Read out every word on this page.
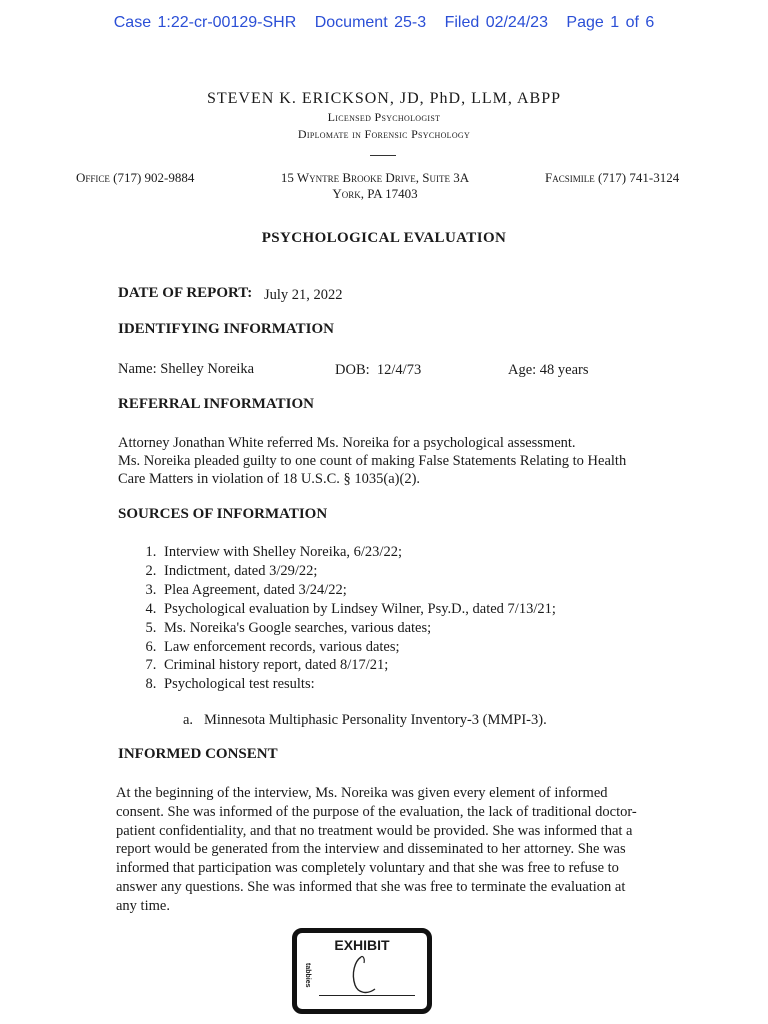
Case 1:22-cr-00129-SHR Document 25-3 Filed 02/24/23 Page 1 of 6
STEVEN K. ERICKSON, JD, PhD, LLM, ABPP
Licensed Psychologist
Diplomate in Forensic Psychology
Office (717) 902-9884	15 Wyntre Brooke Drive, Suite 3A
York, PA 17403
Facsimile (717) 741-3124
PSYCHOLOGICAL EVALUATION
DATE OF REPORT: July 21, 2022
IDENTIFYING INFORMATION
Name: Shelley Noreika	DOB:  12/4/73	Age: 48 years
REFERRAL INFORMATION
Attorney Jonathan White referred Ms. Noreika for a psychological assessment.
Ms. Noreika pleaded guilty to one count of making False Statements Relating to Health
Care Matters in violation of 18 U.S.C. § 1035(a)(2).
SOURCES OF INFORMATION
1. Interview with Shelley Noreika, 6/23/22;
2. Indictment, dated 3/29/22;
3. Plea Agreement, dated 3/24/22;
4. Psychological evaluation by Lindsey Wilner, Psy.D., dated 7/13/21;
5. Ms. Noreika's Google searches, various dates;
6. Law enforcement records, various dates;
7. Criminal history report, dated 8/17/21;
8. Psychological test results:
a. Minnesota Multiphasic Personality Inventory-3 (MMPI-3).
INFORMED CONSENT
At the beginning of the interview, Ms. Noreika was given every element of informed
consent. She was informed of the purpose of the evaluation, the lack of traditional doctor-
patient confidentiality, and that no treatment would be provided. She was informed that a
report would be generated from the interview and disseminated to her attorney. She was
informed that participation was completely voluntary and that she was free to refuse to
answer any questions. She was informed that she was free to terminate the evaluation at
any time.
EXHIBIT
tabbies
